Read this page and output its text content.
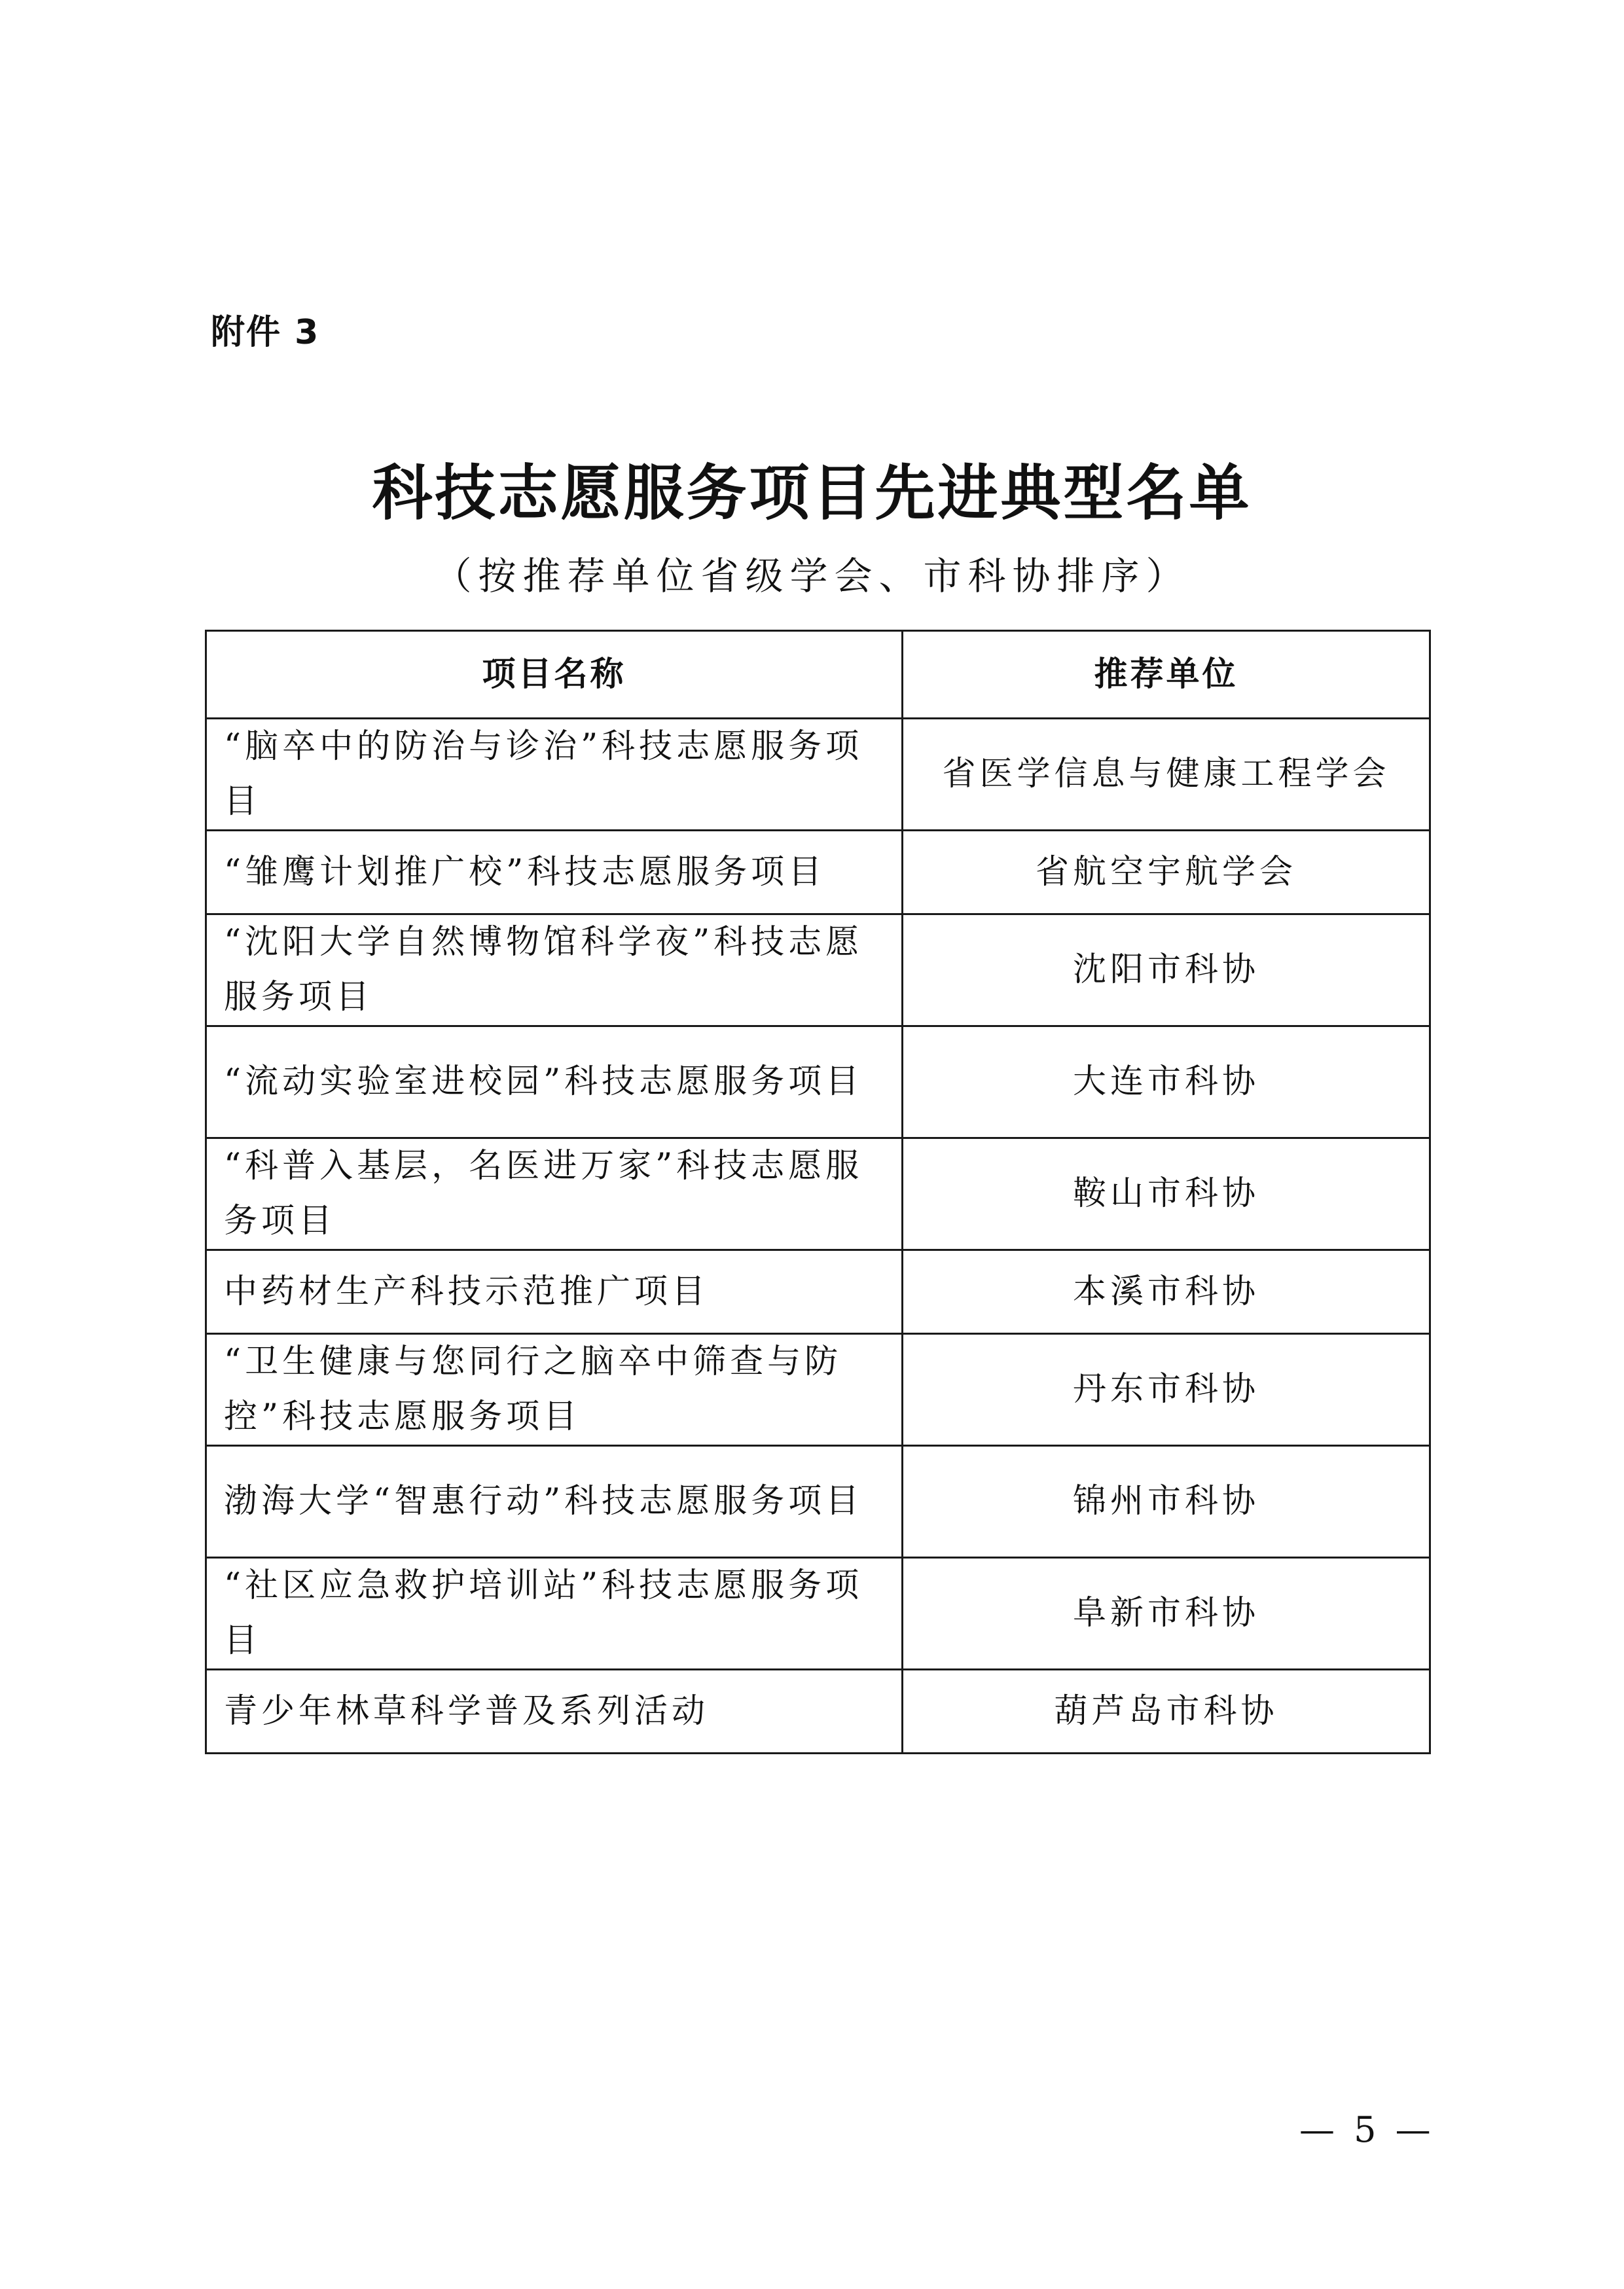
附件 3
科技志愿服务项目先进典型名单
（按推荐单位省级学会、市科协排序）
项目名称	推荐单位
“脑卒中的防治与诊治”科技志愿服务项目	省医学信息与健康工程学会
“雏鹰计划推广校”科技志愿服务项目	省航空宇航学会
“沈阳大学自然博物馆科学夜”科技志愿服务项目	沈阳市科协
“流动实验室进校园”科技志愿服务项目	大连市科协
“科普入基层，名医进万家”科技志愿服务项目	鞍山市科协
中药材生产科技示范推广项目	本溪市科协
“卫生健康与您同行之脑卒中筛查与防控”科技志愿服务项目	丹东市科协
渤海大学“智惠行动”科技志愿服务项目	锦州市科协
“社区应急救护培训站”科技志愿服务项目	阜新市科协
青少年林草科学普及系列活动	葫芦岛市科协
— 5 —
